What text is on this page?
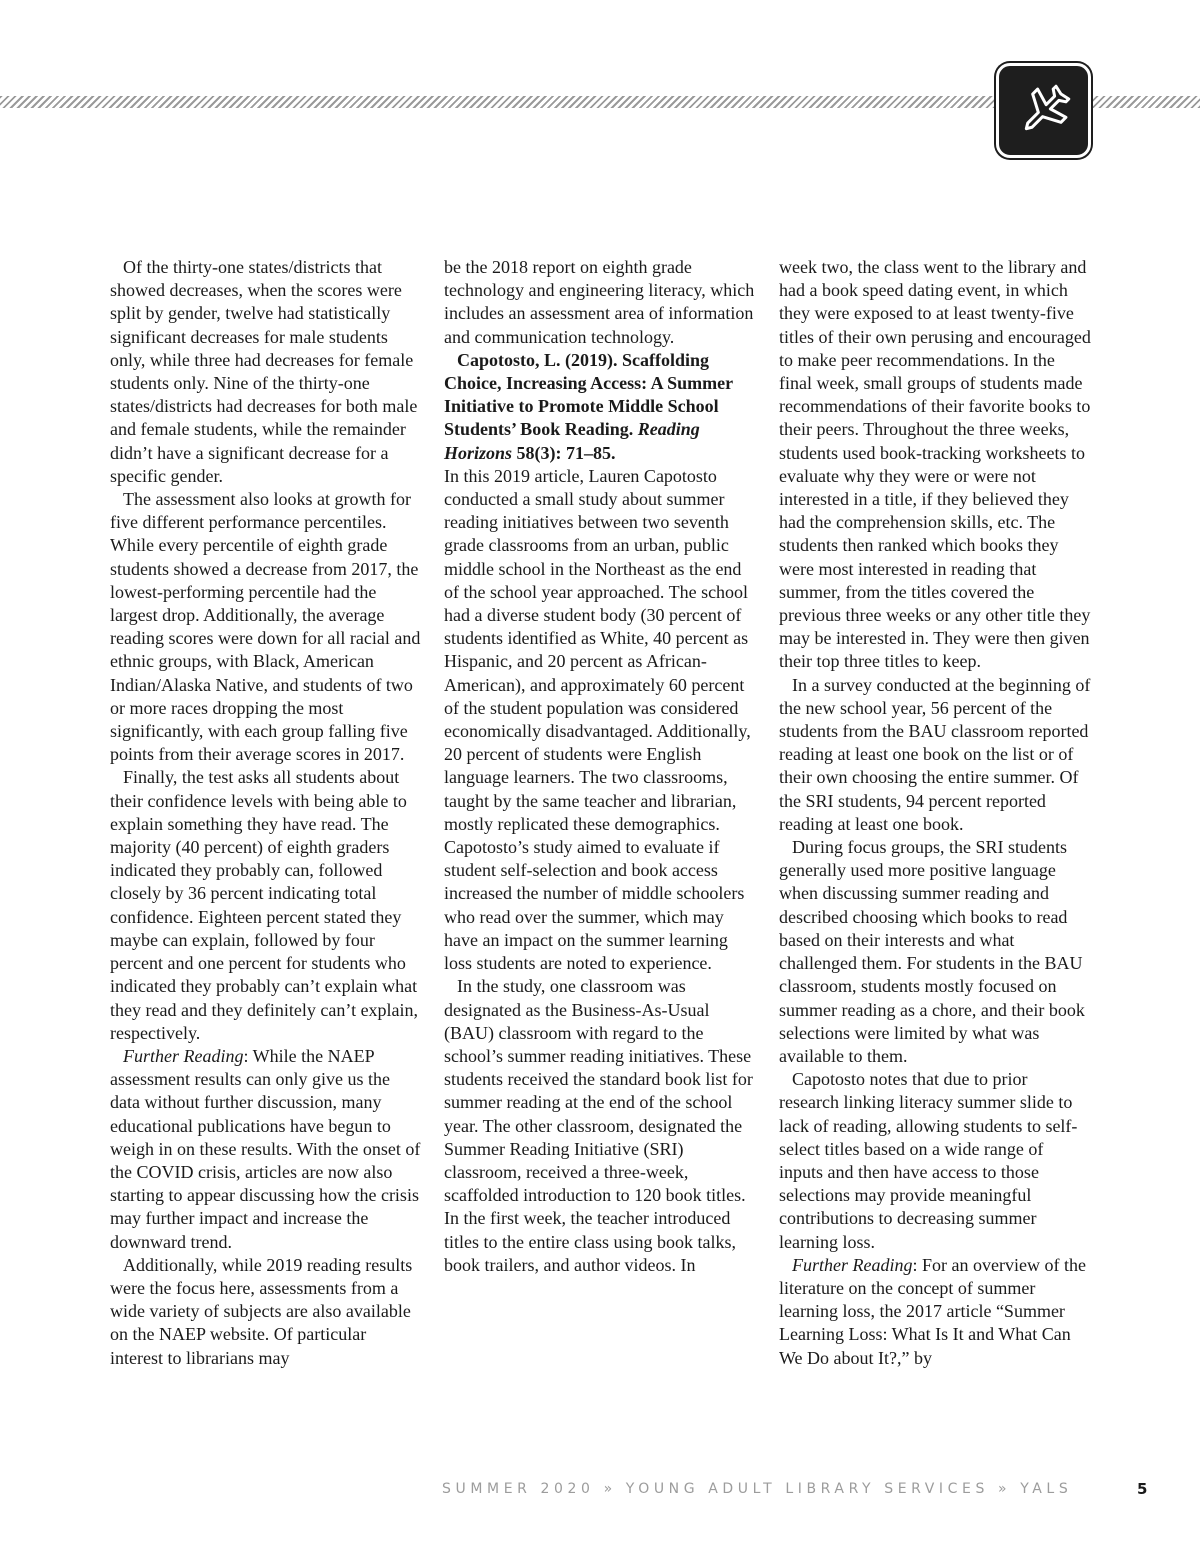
Of the thirty-one states/districts that showed decreases, when the scores were split by gender, twelve had statistically significant decreases for male students only, while three had decreases for female students only. Nine of the thirty-one states/districts had decreases for both male and female students, while the remainder didn’t have a significant decrease for a specific gender.

The assessment also looks at growth for five different performance percentiles. While every percentile of eighth grade students showed a decrease from 2017, the lowest-performing percentile had the largest drop. Additionally, the average reading scores were down for all racial and ethnic groups, with Black, American Indian/Alaska Native, and students of two or more races dropping the most significantly, with each group falling five points from their average scores in 2017.

Finally, the test asks all students about their confidence levels with being able to explain something they have read. The majority (40 percent) of eighth graders indicated they probably can, followed closely by 36 percent indicating total confidence. Eighteen percent stated they maybe can explain, followed by four percent and one percent for students who indicated they probably can’t explain what they read and they definitely can’t explain, respectively.

Further Reading: While the NAEP assessment results can only give us the data without further discussion, many educational publications have begun to weigh in on these results. With the onset of the COVID crisis, articles are now also starting to appear discussing how the crisis may further impact and increase the downward trend.

Additionally, while 2019 reading results were the focus here, assessments from a wide variety of subjects are also available on the NAEP website. Of particular interest to librarians may

be the 2018 report on eighth grade technology and engineering literacy, which includes an assessment area of information and communication technology.

Capotosto, L. (2019). Scaffolding Choice, Increasing Access: A Summer Initiative to Promote Middle School Students’ Book Reading. Reading Horizons 58(3): 71–85.

In this 2019 article, Lauren Capotosto conducted a small study about summer reading initiatives between two seventh grade classrooms from an urban, public middle school in the Northeast as the end of the school year approached. The school had a diverse student body (30 percent of students identified as White, 40 percent as Hispanic, and 20 percent as African-American), and approximately 60 percent of the student population was considered economically disadvantaged. Additionally, 20 percent of students were English language learners. The two classrooms, taught by the same teacher and librarian, mostly replicated these demographics. Capotosto’s study aimed to evaluate if student self-selection and book access increased the number of middle schoolers who read over the summer, which may have an impact on the summer learning loss students are noted to experience.

In the study, one classroom was designated as the Business-As-Usual (BAU) classroom with regard to the school’s summer reading initiatives. These students received the standard book list for summer reading at the end of the school year. The other classroom, designated the Summer Reading Initiative (SRI) classroom, received a three-week, scaffolded introduction to 120 book titles. In the first week, the teacher introduced titles to the entire class using book talks, book trailers, and author videos. In

week two, the class went to the library and had a book speed dating event, in which they were exposed to at least twenty-five titles of their own perusing and encouraged to make peer recommendations. In the final week, small groups of students made recommendations of their favorite books to their peers. Throughout the three weeks, students used book-tracking worksheets to evaluate why they were or were not interested in a title, if they believed they had the comprehension skills, etc. The students then ranked which books they were most interested in reading that summer, from the titles covered the previous three weeks or any other title they may be interested in. They were then given their top three titles to keep.

In a survey conducted at the beginning of the new school year, 56 percent of the students from the BAU classroom reported reading at least one book on the list or of their own choosing the entire summer. Of the SRI students, 94 percent reported reading at least one book.

During focus groups, the SRI students generally used more positive language when discussing summer reading and described choosing which books to read based on their interests and what challenged them. For students in the BAU classroom, students mostly focused on summer reading as a chore, and their book selections were limited by what was available to them.

Capotosto notes that due to prior research linking literacy summer slide to lack of reading, allowing students to self-select titles based on a wide range of inputs and then have access to those selections may provide meaningful contributions to decreasing summer learning loss.

Further Reading: For an overview of the literature on the concept of summer learning loss, the 2017 article “Summer Learning Loss: What Is It and What Can We Do about It?,” by

SUMMER 2020 » YOUNG ADULT LIBRARY SERVICES » YALS	5
